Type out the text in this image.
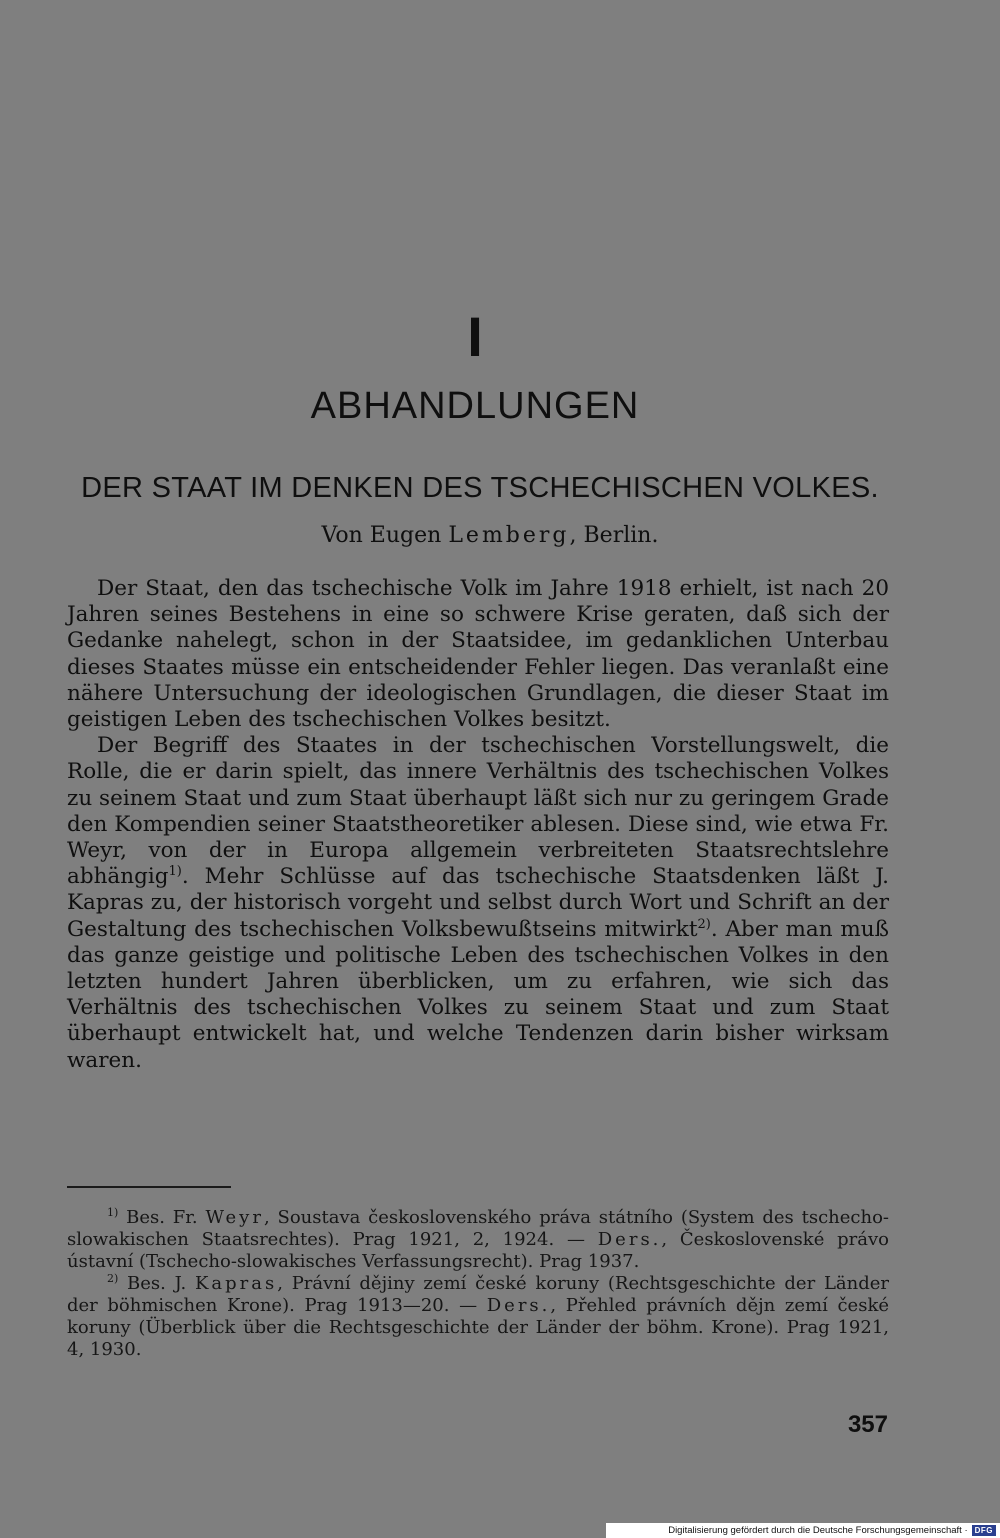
I
ABHANDLUNGEN
DER STAAT IM DENKEN DES TSCHECHISCHEN VOLKES.
Von Eugen Lemberg, Berlin.

Der Staat, den das tschechische Volk im Jahre 1918 erhielt, ist nach 20 Jahren seines Bestehens in eine so schwere Krise geraten, daß sich der Gedanke nahelegt, schon in der Staatsidee, im gedanklichen Unterbau dieses Staates müsse ein entscheidender Fehler liegen. Das veranlaßt eine nähere Untersuchung der ideologischen Grundlagen, die dieser Staat im geistigen Leben des tschechischen Volkes besitzt.

Der Begriff des Staates in der tschechischen Vorstellungswelt, die Rolle, die er darin spielt, das innere Verhältnis des tschechischen Volkes zu seinem Staat und zum Staat überhaupt läßt sich nur zu geringem Grade den Kompendien seiner Staatstheoretiker ablesen. Diese sind, wie etwa Fr. Weyr, von der in Europa allgemein verbreiteten Staatsrechtslehre abhängig$^{1)}$. Mehr Schlüsse auf das tschechische Staatsdenken läßt J. Kapras zu, der historisch vorgeht und selbst durch Wort und Schrift an der Gestaltung des tschechischen Volksbewußtseins mitwirkt$^{2)}$. Aber man muß das ganze geistige und politische Leben des tschechischen Volkes in den letzten hundert Jahren überblicken, um zu erfahren, wie sich das Verhältnis des tschechischen Volkes zu seinem Staat und zum Staat überhaupt entwickelt hat, und welche Tendenzen darin bisher wirksam waren.

$^{1)}$ Bes. Fr. Weyr, Soustava československého práva státního (System des tschecho-slowakischen Staatsrechtes). Prag 1921, 2, 1924. — Ders., Československé právo ústavní (Tschecho-slowakisches Verfassungsrecht). Prag 1937.

$^{2)}$ Bes. J. Kapras, Právní dějiny zemí české koruny (Rechtsgeschichte der Länder der böhmischen Krone). Prag 1913—20. — Ders., Přehled právních dějn zemí české koruny (Überblick über die Rechtsgeschichte der Länder der böhm. Krone). Prag 1921, 4, 1930.

357
Digitalisierung gefördert durch die Deutsche Forschungsgemeinschaft · DFG
